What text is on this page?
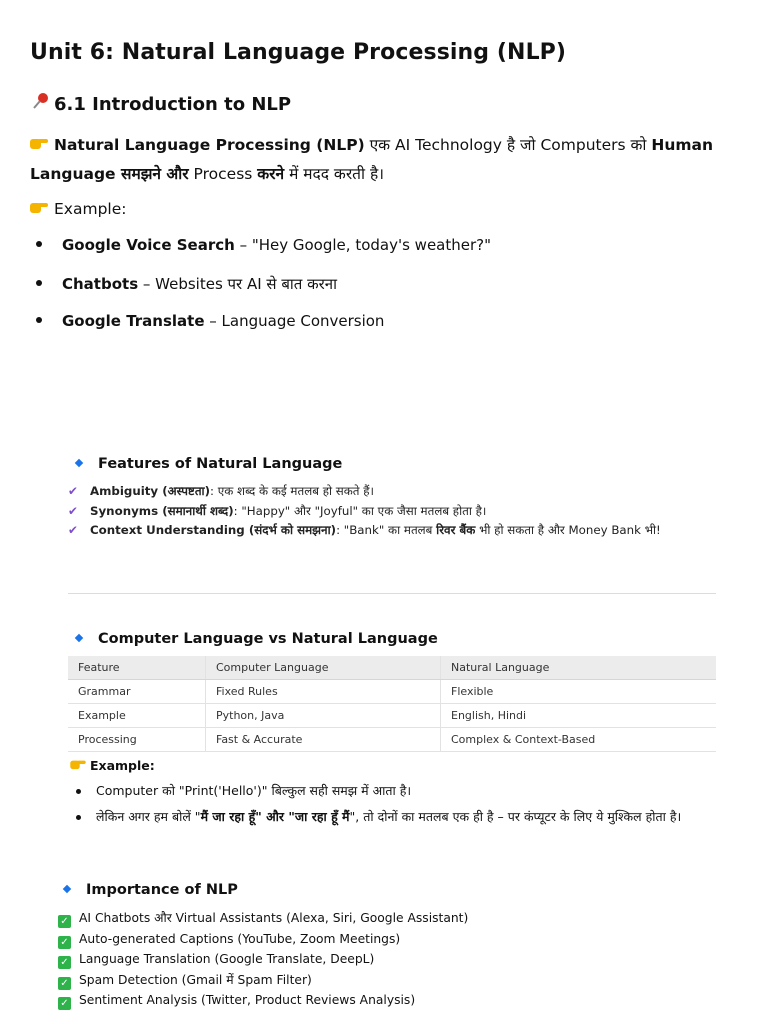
Unit 6: Natural Language Processing (NLP)
6.1 Introduction to NLP
Natural Language Processing (NLP) एक AI Technology है जो Computers को Human Language समझने और Process करने में मदद करती है।
Example:
Google Voice Search – "Hey Google, today's weather?"
Chatbots – Websites पर AI से बात करना
Google Translate – Language Conversion
Features of Natural Language
✔ Ambiguity (अस्पष्टता): एक शब्द के कई मतलब हो सकते हैं।
✔ Synonyms (समानार्थी शब्द): "Happy" और "Joyful" का एक जैसा मतलब होता है।
✔ Context Understanding (संदर्भ को समझना): "Bank" का मतलब रिवर बैंक भी हो सकता है और Money Bank भी!
Computer Language vs Natural Language
Feature	Computer Language	Natural Language
Grammar	Fixed Rules	Flexible
Example	Python, Java	English, Hindi
Processing	Fast & Accurate	Complex & Context-Based
Example:
Computer को "Print('Hello')" बिल्कुल सही समझ में आता है।
लेकिन अगर हम बोलें "मैं जा रहा हूँ" और "जा रहा हूँ मैं", तो दोनों का मतलब एक ही है – पर कंप्यूटर के लिए ये मुश्किल होता है।
Importance of NLP
✓ AI Chatbots और Virtual Assistants (Alexa, Siri, Google Assistant)
✓ Auto-generated Captions (YouTube, Zoom Meetings)
✓ Language Translation (Google Translate, DeepL)
✓ Spam Detection (Gmail में Spam Filter)
✓ Sentiment Analysis (Twitter, Product Reviews Analysis)
